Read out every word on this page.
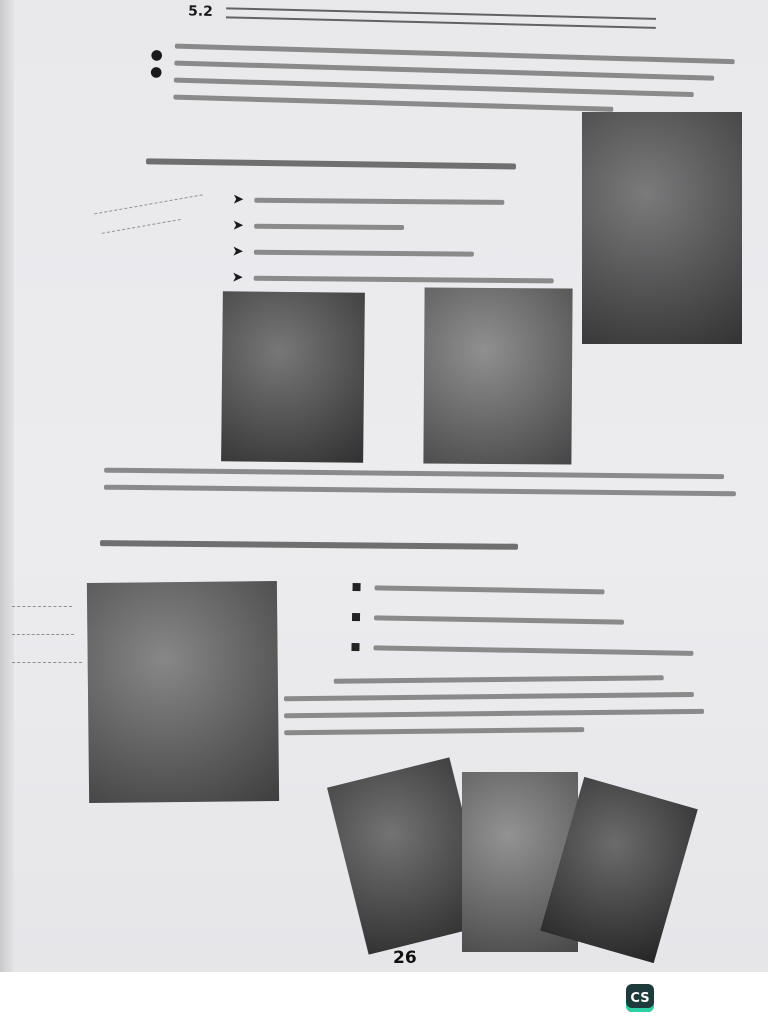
5.2
●
●
➤
➤
➤
➤
26
CS
